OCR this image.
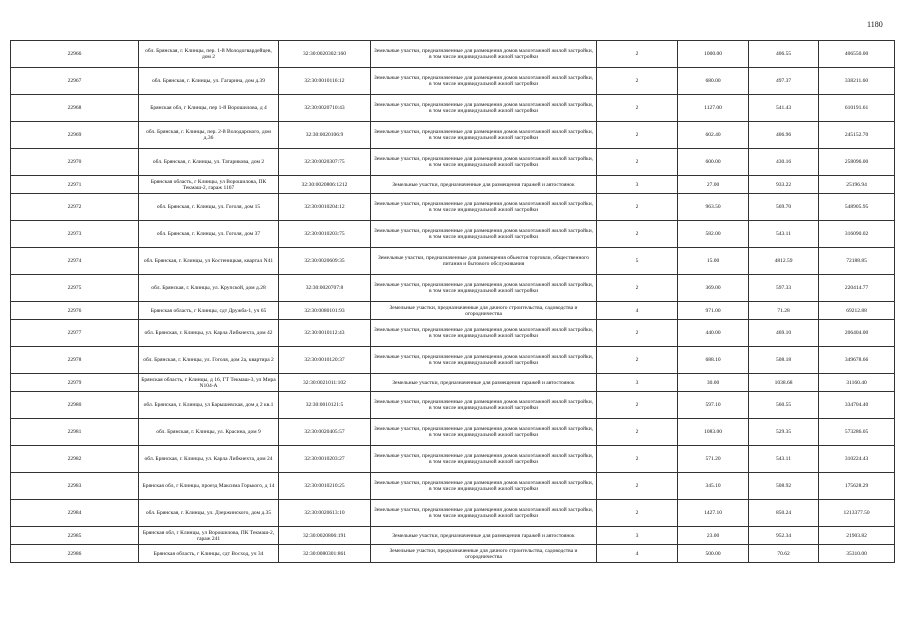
1180
22966	обл. Брянская, г. Клинцы, пер. 1-й Молодогвардейцев, дом 2	32:30:0020302:160	Земельные участки, предназначенные для размещения домов малоэтажной жилой застройки, в том числе индивидуальной жилой застройки	2	1000.00	406.55	406550.00
22967	обл. Брянская, г. Клинцы, ул. Гагарина, дом д.39	32:30:0010116:12	Земельные участки, предназначенные для размещения домов малоэтажной жилой застройки, в том числе индивидуальной жилой застройки	2	680.00	497.37	338211.60
22968	Брянская обл, г Клинцы, пер 1-й Ворошилова, д 4	32:30:0020710:43	Земельные участки, предназначенные для размещения домов малоэтажной жилой застройки, в том числе индивидуальной жилой застройки	2	1127.00	541.43	610191.61
22969	обл. Брянская, г. Клинцы, пер. 2-й Володарского, дом д.36	32:30:0020106:9	Земельные участки, предназначенные для размещения домов малоэтажной жилой застройки, в том числе индивидуальной жилой застройки	2	602.40	406.96	245152.70
22970	обл. Брянская, г. Клинцы, ул. Татарикова, дом 2	32:30:0020307:75	Земельные участки, предназначенные для размещения домов малоэтажной жилой застройки, в том числе индивидуальной жилой застройки	2	600.00	430.16	258096.00
22971	Брянская область, г Клинцы, ул Ворошилова, ПК Текмаш-2, гараж 1167	32:30:0020806:1212	Земельные участки, предназначенные для размещения гаражей и автостоянок	3	27.00	933.22	25196.94
22972	обл. Брянская, г. Клинцы, ул. Гоголя, дом 15	32:30:0010204:12	Земельные участки, предназначенные для размещения домов малоэтажной жилой застройки, в том числе индивидуальной жилой застройки	2	963.50	569.70	548905.95
22973	обл. Брянская, г. Клинцы, ул. Гоголя, дом 37	32:30:0010203:75	Земельные участки, предназначенные для размещения домов малоэтажной жилой застройки, в том числе индивидуальной жилой застройки	2	582.00	543.11	316090.02
22974	обл. Брянская, г. Клинцы, ул Костеницкая, квартал N41	32:30:0020609:35	Земельные участки, предназначенные для размещения объектов торговли, общественного питания и бытового обслуживания	5	15.00	4812.59	72188.85
22975	обл. Брянская, г. Клинцы, ул. Крупской, дом д.28	32:30:0020707:8	Земельные участки, предназначенные для размещения домов малоэтажной жилой застройки, в том числе индивидуальной жилой застройки	2	369.00	597.33	220414.77
22976	Брянская область, г Клинцы, сдт Дружба-1, уч 65	32:30:0080101:93	Земельные участки, предназначенные для дачного строительства, садоводства и огородничества	4	971.00	71.28	69212.88
22977	обл. Брянская, г. Клинцы, ул. Карла Либкнехта, дом 42	32:30:0010112:43	Земельные участки, предназначенные для размещения домов малоэтажной жилой застройки, в том числе индивидуальной жилой застройки	2	440.00	469.10	206404.00
22978	обл. Брянская, г. Клинцы, ул. Гоголя, дом 2а, квартира 2	32:30:0010120:37	Земельные участки, предназначенные для размещения домов малоэтажной жилой застройки, в том числе индивидуальной жилой застройки	2	688.10	508.18	349678.66
22979	Брянская область, г Клинцы, д 16, ГТ Текмаш-3, ул Мира N104-А	32:30:0021011:102	Земельные участки, предназначенные для размещения гаражей и автостоянок	3	30.00	1038.68	31160.40
22980	обл. Брянская, г. Клинцы, ул Барышевская, дом д 2 кв.1	32:30:0010121:5	Земельные участки, предназначенные для размещения домов малоэтажной жилой застройки, в том числе индивидуальной жилой застройки	2	597.10	560.55	334704.40
22981	обл. Брянская, г. Клинцы, ул. Красина, дом 9	32:30:0020405:57	Земельные участки, предназначенные для размещения домов малоэтажной жилой застройки, в том числе индивидуальной жилой застройки	2	1083.00	529.35	573286.05
22982	обл. Брянская, г. Клинцы, ул. Карла Либкнехта, дом 24	32:30:0010203:27	Земельные участки, предназначенные для размещения домов малоэтажной жилой застройки, в том числе индивидуальной жилой застройки	2	571.20	543.11	310224.43
22983	Брянская обл, г Клинцы, проезд Максима Горького, д 14	32:30:0010210:25	Земельные участки, предназначенные для размещения домов малоэтажной жилой застройки, в том числе индивидуальной жилой застройки	2	345.10	508.92	175628.29
22984	обл. Брянская, г. Клинцы, ул. Дзержинского, дом д.35	32:30:0020613:10	Земельные участки, предназначенные для размещения домов малоэтажной жилой застройки, в том числе индивидуальной жилой застройки	2	1427.10	850.24	1213377.50
22985	Брянская обл, г Клинцы, ул Ворошилова, ПК Текмаш-2, гараж 241	32:30:0020806:191	Земельные участки, предназначенные для размещения гаражей и автостоянок	3	23.00	952.34	21903.82
22986	Брянская область, г Клинцы, сдт Восход, уч 34	32:30:0080301:861	Земельные участки, предназначенные для дачного строительства, садоводства и огородничества	4	500.00	70.62	35310.00
